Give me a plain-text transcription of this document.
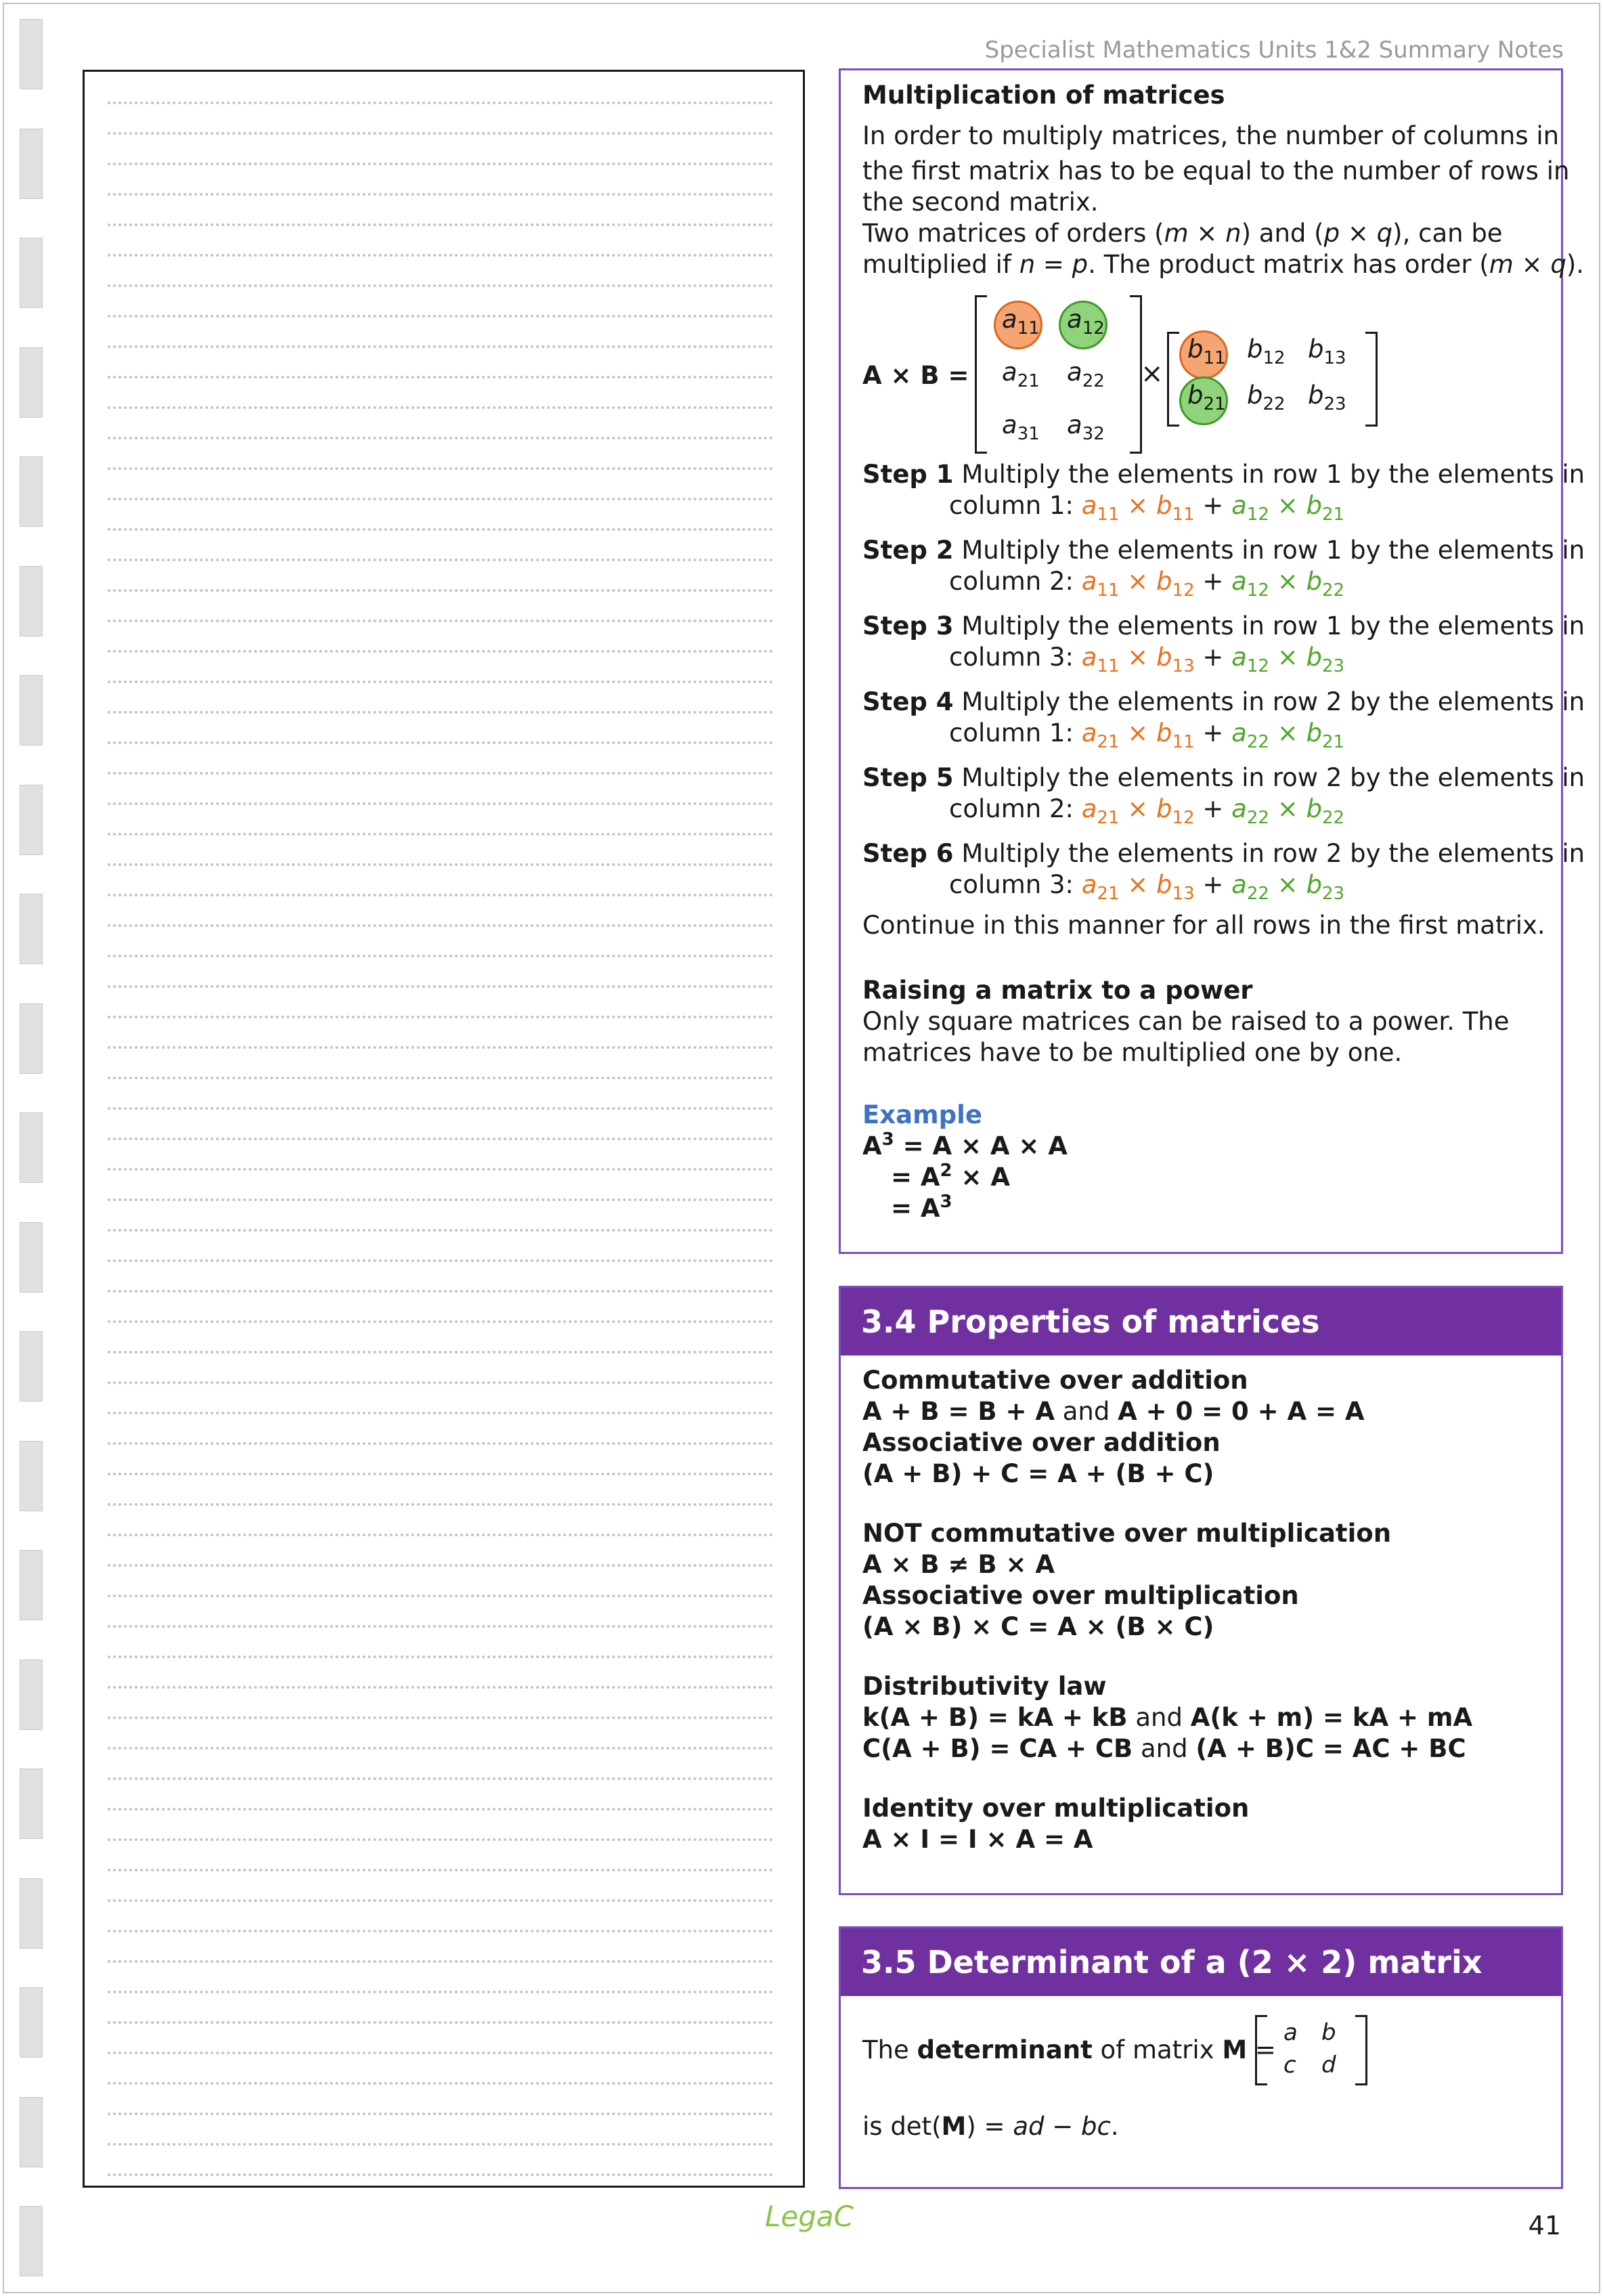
Specialist Mathematics Units 1&2 Summary Notes
Multiplication of matrices
In order to multiply matrices, the number of columns in
the first matrix has to be equal to the number of rows in
the second matrix.
Two matrices of orders (m × n) and (p × q), can be
multiplied if n = p. The product matrix has order (m × q).
A × B =
$a_{11}$ $a_{12}$
$a_{21}$ $a_{22}$
$a_{31}$ $a_{32}$
×
$b_{11}$ $b_{12}$ $b_{13}$
$b_{21}$ $b_{22}$ $b_{23}$
Step 1 Multiply the elements in row 1 by the elements in
column 1: $a_{11} \times b_{11} + a_{12} \times b_{21}$
Step 2 Multiply the elements in row 1 by the elements in
column 2: $a_{11} \times b_{12} + a_{12} \times b_{22}$
Step 3 Multiply the elements in row 1 by the elements in
column 3: $a_{11} \times b_{13} + a_{12} \times b_{23}$
Step 4 Multiply the elements in row 2 by the elements in
column 1: $a_{21} \times b_{11} + a_{22} \times b_{21}$
Step 5 Multiply the elements in row 2 by the elements in
column 2: $a_{21} \times b_{12} + a_{22} \times b_{22}$
Step 6 Multiply the elements in row 2 by the elements in
column 3: $a_{21} \times b_{13} + a_{22} \times b_{23}$
Continue in this manner for all rows in the first matrix.
Raising a matrix to a power
Only square matrices can be raised to a power. The
matrices have to be multiplied one by one.
Example
$A^3 = A \times A \times A$
= $A^2 \times A$
= $A^3$
3.4 Properties of matrices
Commutative over addition
A + B = B + A and A + 0 = 0 + A = A
Associative over addition
(A + B) + C = A + (B + C)
NOT commutative over multiplication
A × B ≠ B × A
Associative over multiplication
(A × B) × C = A × (B × C)
Distributivity law
k(A + B) = kA + kB and A(k + m) = kA + mA
C(A + B) = CA + CB and (A + B)C = AC + BC
Identity over multiplication
A × I = I × A = A
3.5 Determinant of a (2 × 2) matrix
The determinant of matrix M =
a b
c d
is det(M) = ad − bc.
LegaC	41
